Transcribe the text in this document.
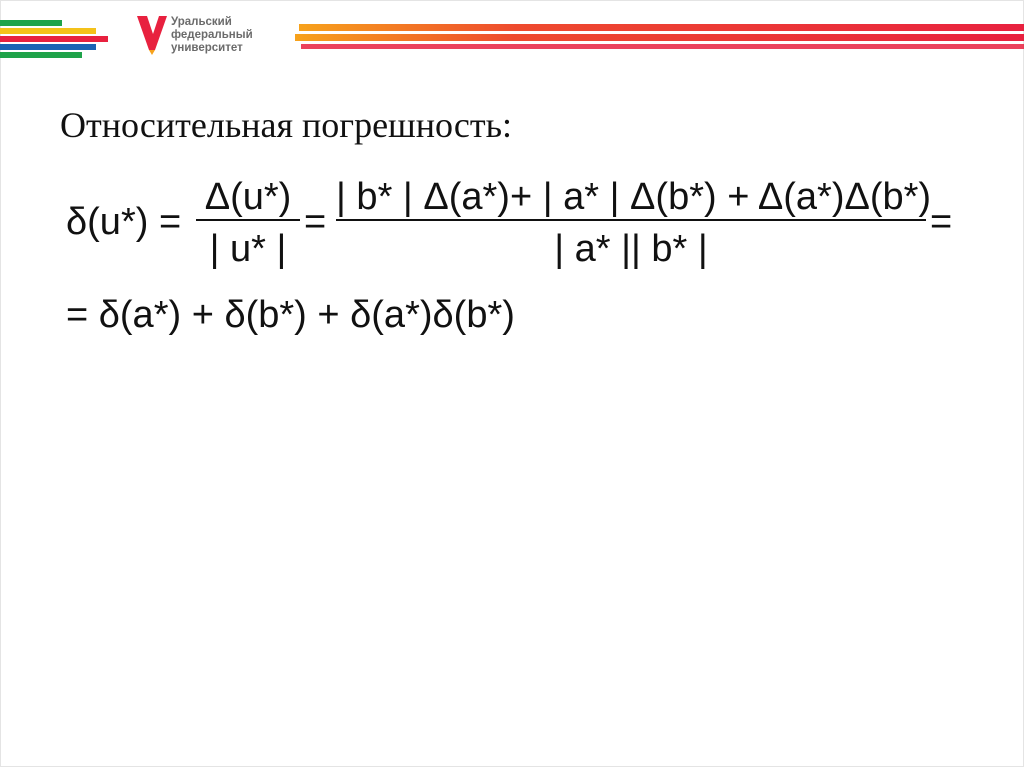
Уральский
федеральный
университет
Относительная погрешность:
δ(u*) =
Δ(u*)
| u* |
=
| b* | Δ(a*)+ | a* | Δ(b*) + Δ(a*)Δ(b*)
| a* || b* |
=
= δ(a*) + δ(b*) + δ(a*)δ(b*)
